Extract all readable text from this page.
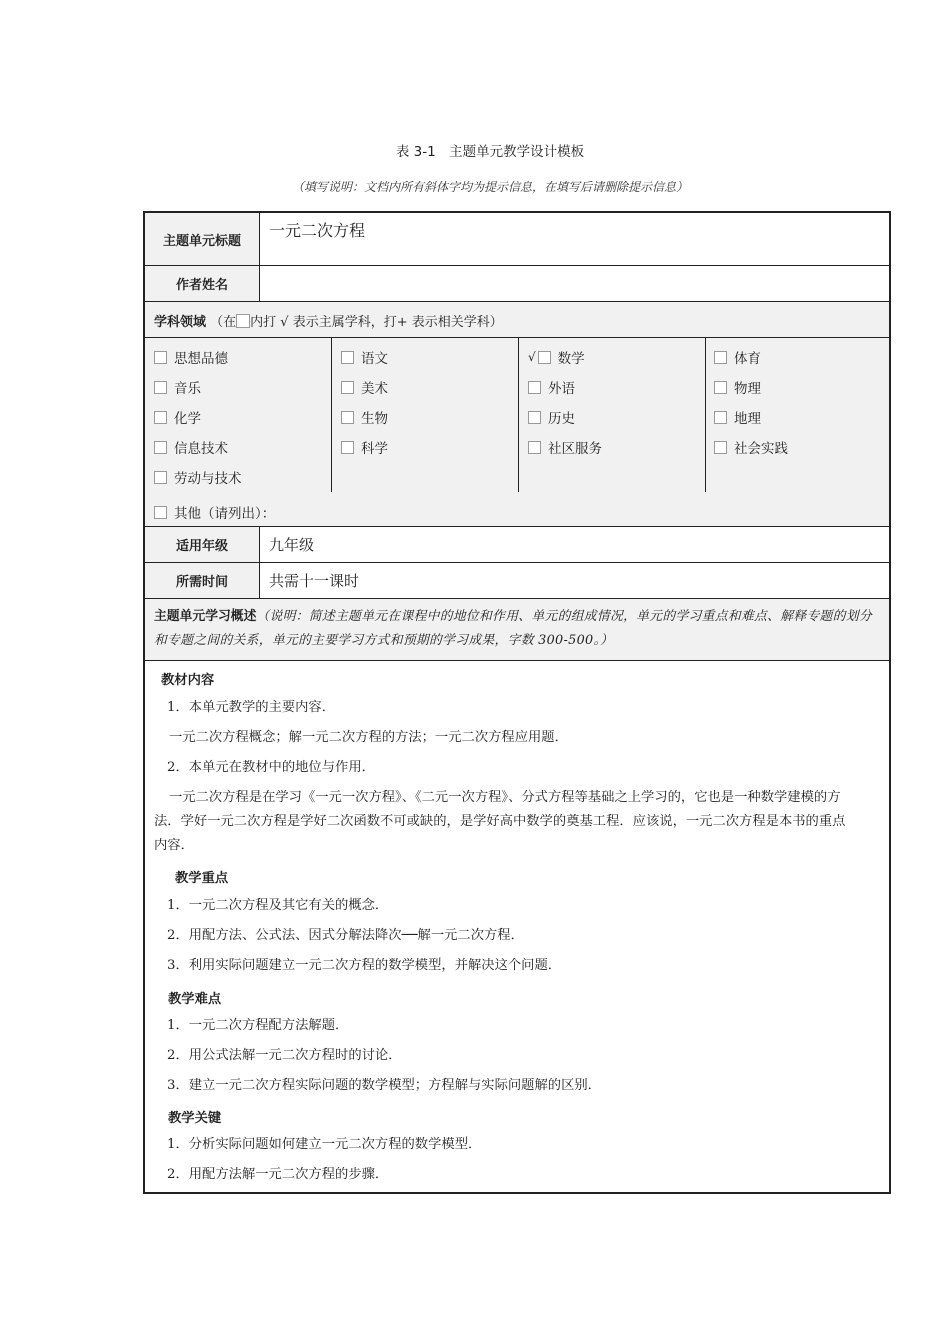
表 3-1　主题单元教学设计模板
（填写说明：文档内所有斜体字均为提示信息，在填写后请删除提示信息）
主题单元标题
一元二次方程
作者姓名
学科领域 （在 内打 √ 表示主属学科，打+ 表示相关学科）
思想品德
音乐
化学
信息技术
劳动与技术
语文
美术
生物
科学
√ 数学
外语
历史
社区服务
体育
物理
地理
社会实践
其他（请列出）：
适用年级	九年级
所需时间	共需十一课时
主题单元学习概述（说明：简述主题单元在课程中的地位和作用、单元的组成情况，单元的学习重点和难点、解释专题的划分和专题之间的关系，单元的主要学习方式和预期的学习成果，字数 300-500。）
教材内容
1．本单元教学的主要内容．
一元二次方程概念；解一元二次方程的方法；一元二次方程应用题．
2．本单元在教材中的地位与作用．
一元二次方程是在学习《一元一次方程》、《二元一次方程》、分式方程等基础之上学习的，它也是一种数学建模的方
法．学好一元二次方程是学好二次函数不可或缺的，是学好高中数学的奠基工程．应该说，一元二次方程是本书的重点
内容．
教学重点
1．一元二次方程及其它有关的概念．
2．用配方法、公式法、因式分解法降次──解一元二次方程．
3．利用实际问题建立一元二次方程的数学模型，并解决这个问题．
教学难点
1．一元二次方程配方法解题．
2．用公式法解一元二次方程时的讨论．
3．建立一元二次方程实际问题的数学模型；方程解与实际问题解的区别．
教学关键
1．分析实际问题如何建立一元二次方程的数学模型．
2．用配方法解一元二次方程的步骤．
